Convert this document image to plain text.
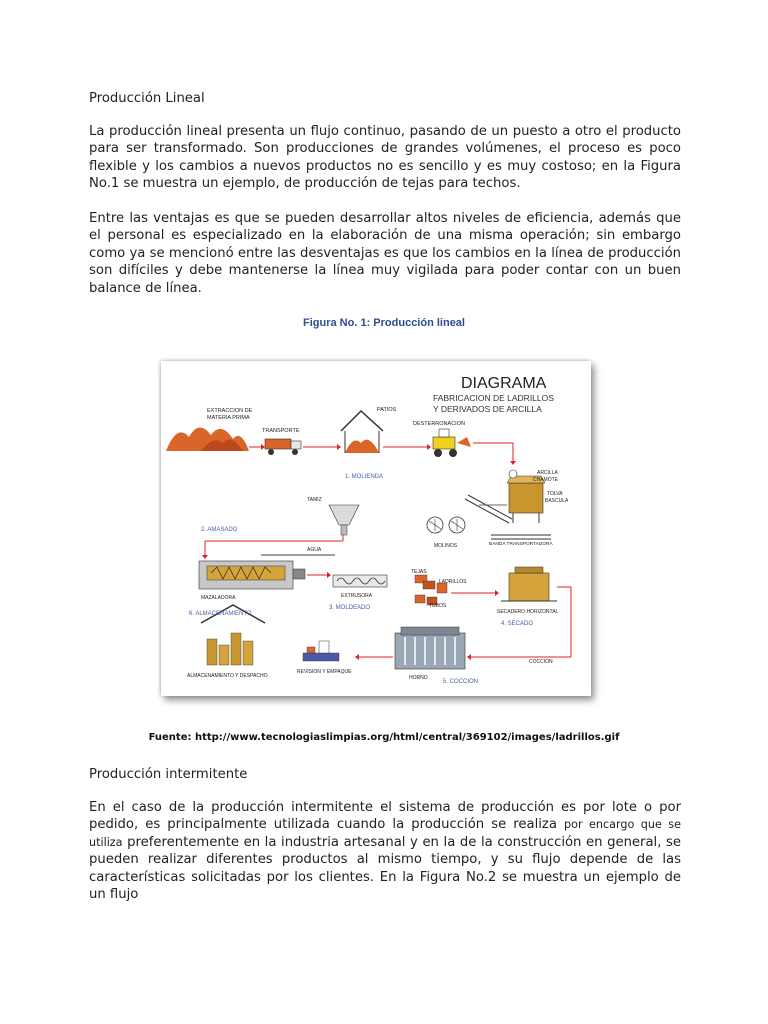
Producción Lineal

La producción lineal presenta un flujo continuo, pasando de un puesto a otro el producto para ser transformado. Son producciones de grandes volúmenes, el proceso es poco flexible y los cambios a nuevos productos no es sencillo y es muy costoso; en la Figura No.1 se muestra un ejemplo, de producción de tejas para techos.

Entre las ventajas es que se pueden desarrollar altos niveles de eficiencia, además que el personal es especializado en la elaboración de una misma operación; sin embargo como ya se mencionó entre las desventajas es que los cambios en la línea de producción son difíciles y debe mantenerse la línea muy vigilada para poder contar con un buen balance de línea.

Figura No. 1: Producción lineal
DIAGRAMA
FABRICACION DE LADRILLOS
Y DERIVADOS DE ARCILLA
EXTRACCION DE
MATERIA PRIMA
TRANSPORTE
PATIOS
DESTERRONACION
1. MOLIENDA
ARCILLA
CHAMOTE
TOLVA
BASCULA
BANDA TRANSPORTADORA
MOLINOS
TAMIZ
2. AMASADO
AGUA
MAZALADORA	EXTRUSORA
3. MOLDEADO
TEJAS
LADRILLOS
TUBOS
SECADERO HORIZONTAL
4. SECADO
6. ALMACENAMIENTO
ALMACENAMIENTO Y DESPACHO
REVISION Y EMPAQUE
HORNO
COCCION
5. COCCION
Fuente: http://www.tecnologiaslimpias.org/html/central/369102/images/ladrillos.gif

Producción intermitente

En el caso de la producción intermitente el sistema de producción es por lote o por pedido, es principalmente utilizada cuando la producción se realiza por encargo que se utiliza preferentemente en la industria artesanal y en la de la construcción en general, se pueden realizar diferentes productos al mismo tiempo, y su flujo depende de las características solicitadas por los clientes. En la Figura No.2 se muestra un ejemplo de un flujo
